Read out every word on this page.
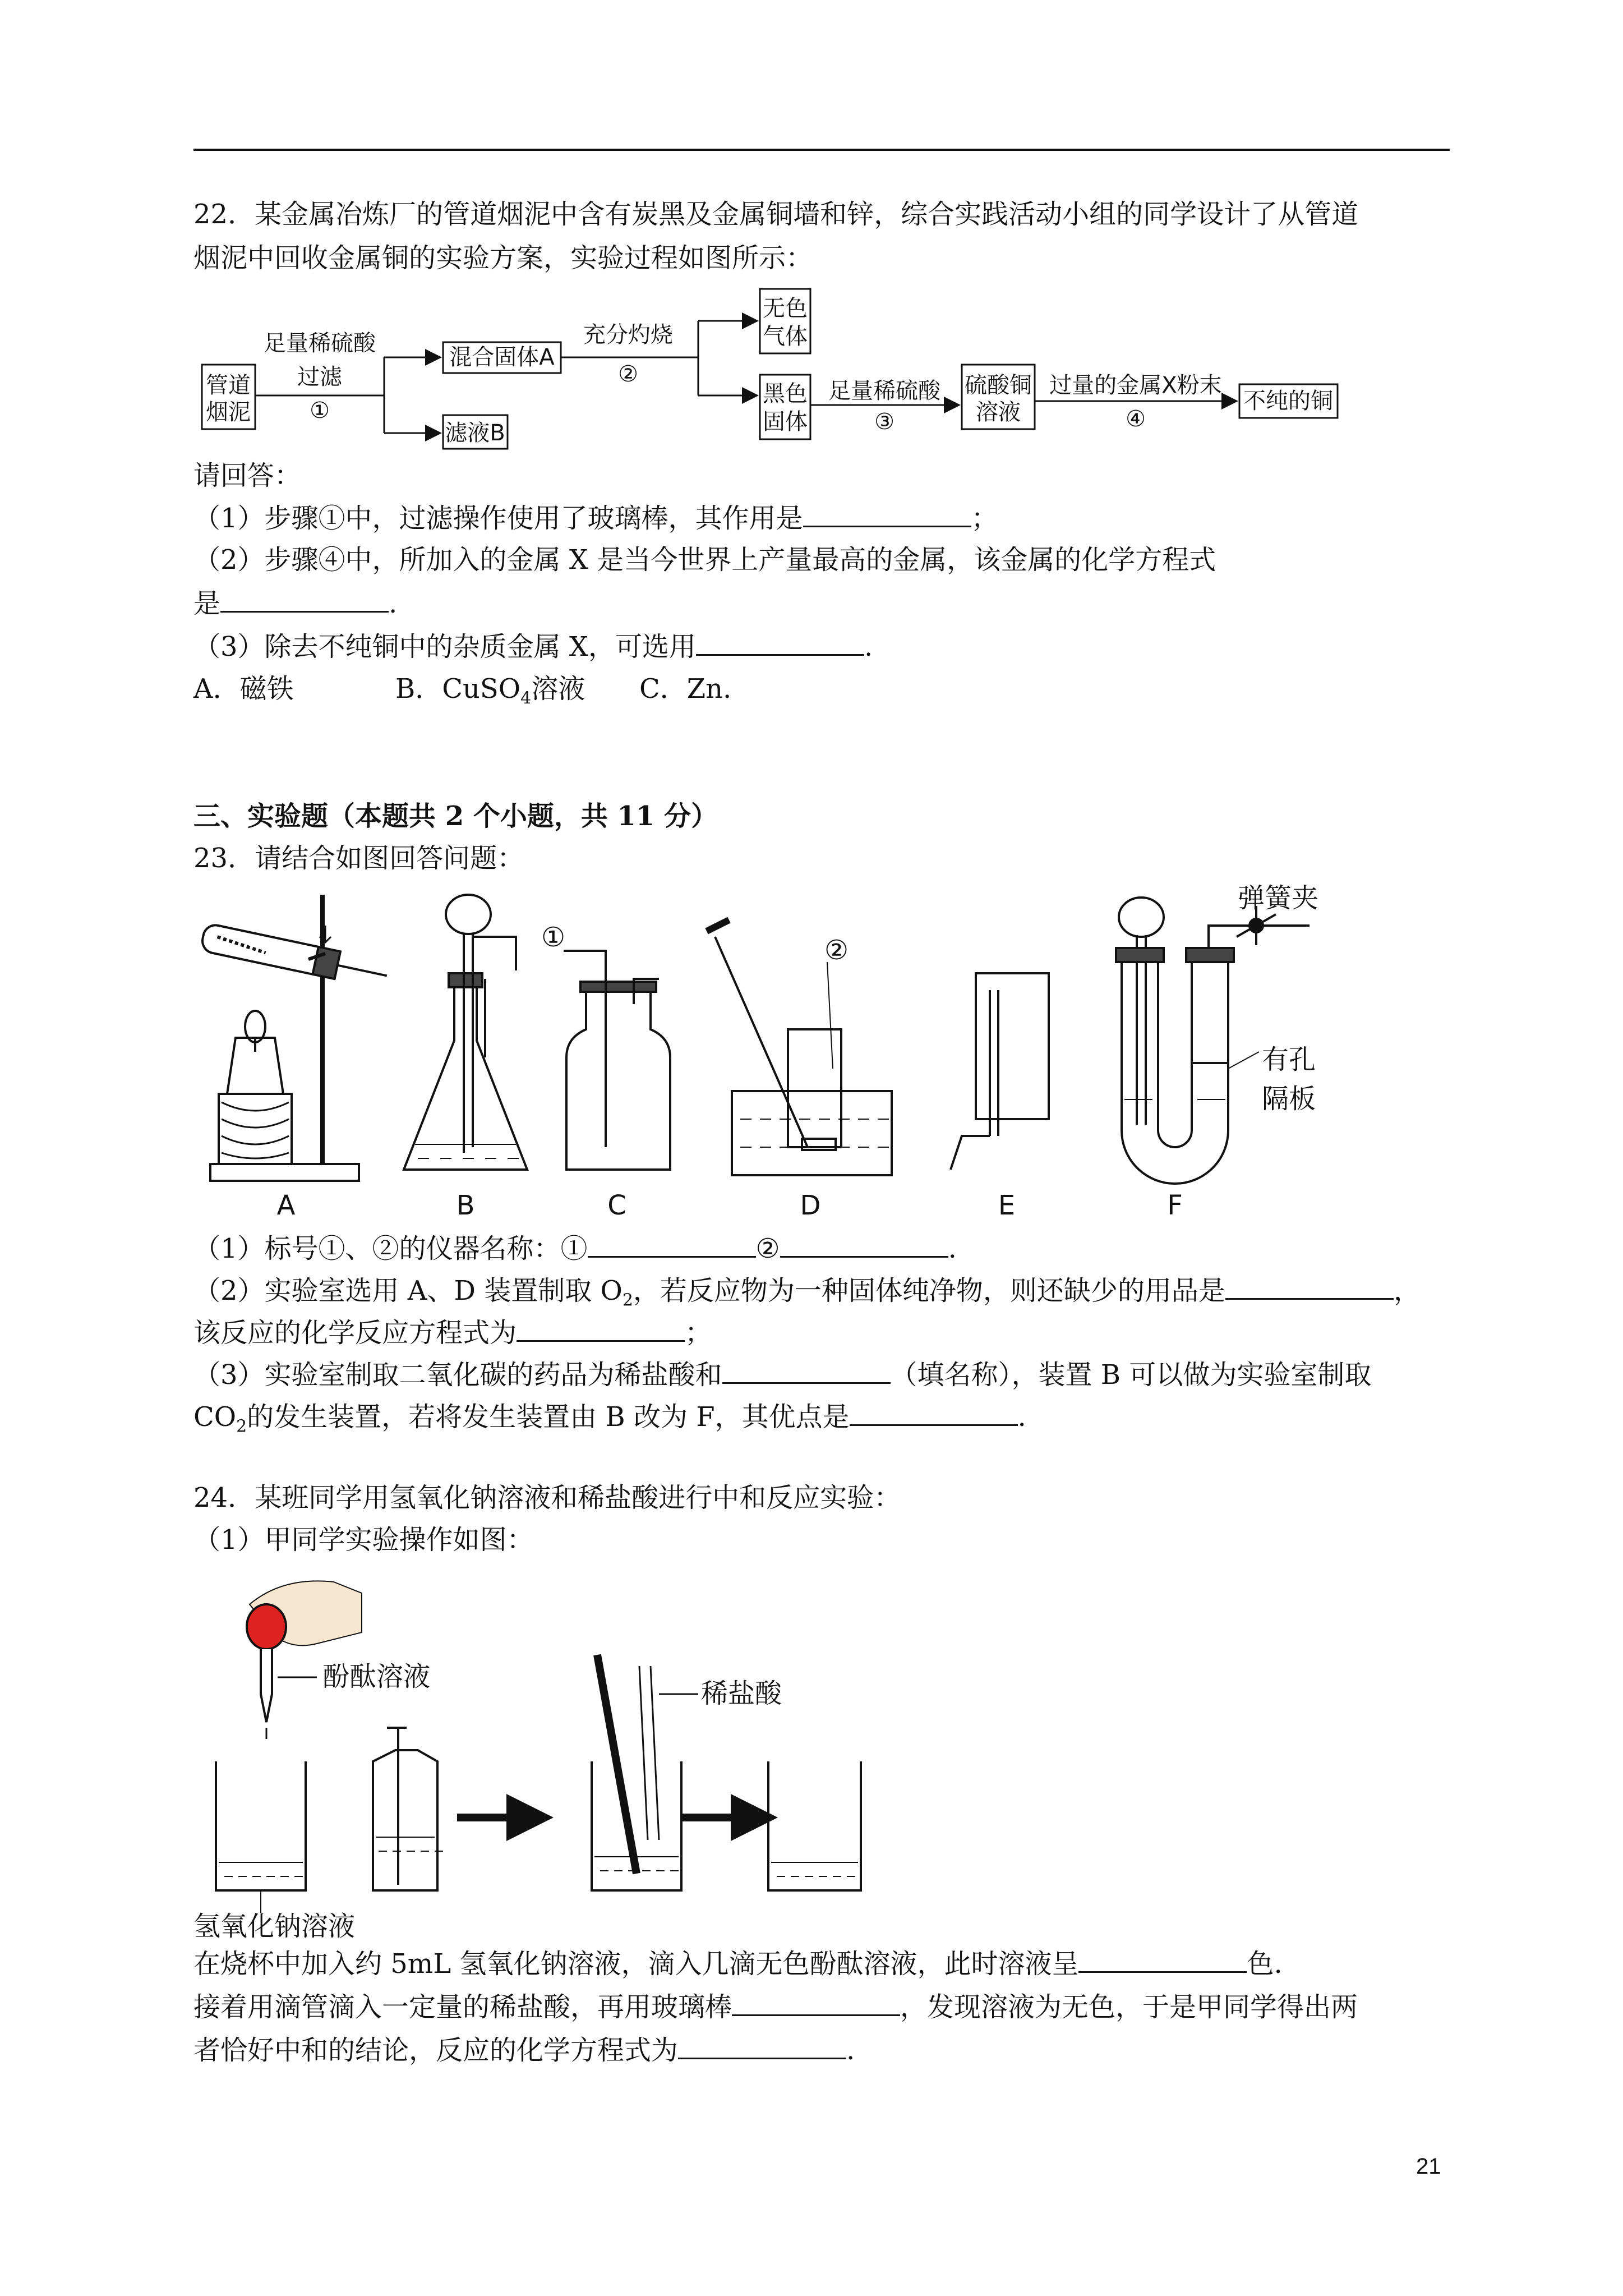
22．某金属冶炼厂的管道烟泥中含有炭黑及金属铜墙和锌，综合实践活动小组的同学设计了从管道
烟泥中回收金属铜的实验方案，实验过程如图所示：
管道
烟泥
足量稀硫酸
过滤
①
混合固体A
滤液B
充分灼烧
②
无色
气体
黑色
固体
足量稀硫酸
③
硫酸铜
溶液
过量的金属X粉末
④
不纯的铜
请回答：
（1）步骤①中，过滤操作使用了玻璃棒，其作用是	；
（2）步骤④中，所加入的金属 X 是当今世界上产量最高的金属，该金属的化学方程式
是	.
（3）除去不纯铜中的杂质金属 X，可选用	.
A．磁铁	B．CuSO$_4$溶液 C．Zn.
三、实验题（本题共 2 个小题，共 11 分）
23．请结合如图回答问题：
A	B	C	D	E	F
①	②
弹簧夹
有孔
隔板
（1）标号①、②的仪器名称：①	②	.
（2）实验室选用 A、D 装置制取 $O_2$，若反应物为一种固体纯净物，则还缺少的用品是	，
该反应的化学反应方程式为	；
（3）实验室制取二氧化碳的药品为稀盐酸和	（填名称），装置 B 可以做为实验室制取
$CO_2$的发生装置，若将发生装置由 B 改为 F，其优点是	.
24．某班同学用氢氧化钠溶液和稀盐酸进行中和反应实验：
（1）甲同学实验操作如图：
酚酞溶液
稀盐酸
氢氧化钠溶液
在烧杯中加入约 5mL 氢氧化钠溶液，滴入几滴无色酚酞溶液，此时溶液呈	色.
接着用滴管滴入一定量的稀盐酸，再用玻璃棒	，发现溶液为无色，于是甲同学得出两
者恰好中和的结论，反应的化学方程式为	.
21
